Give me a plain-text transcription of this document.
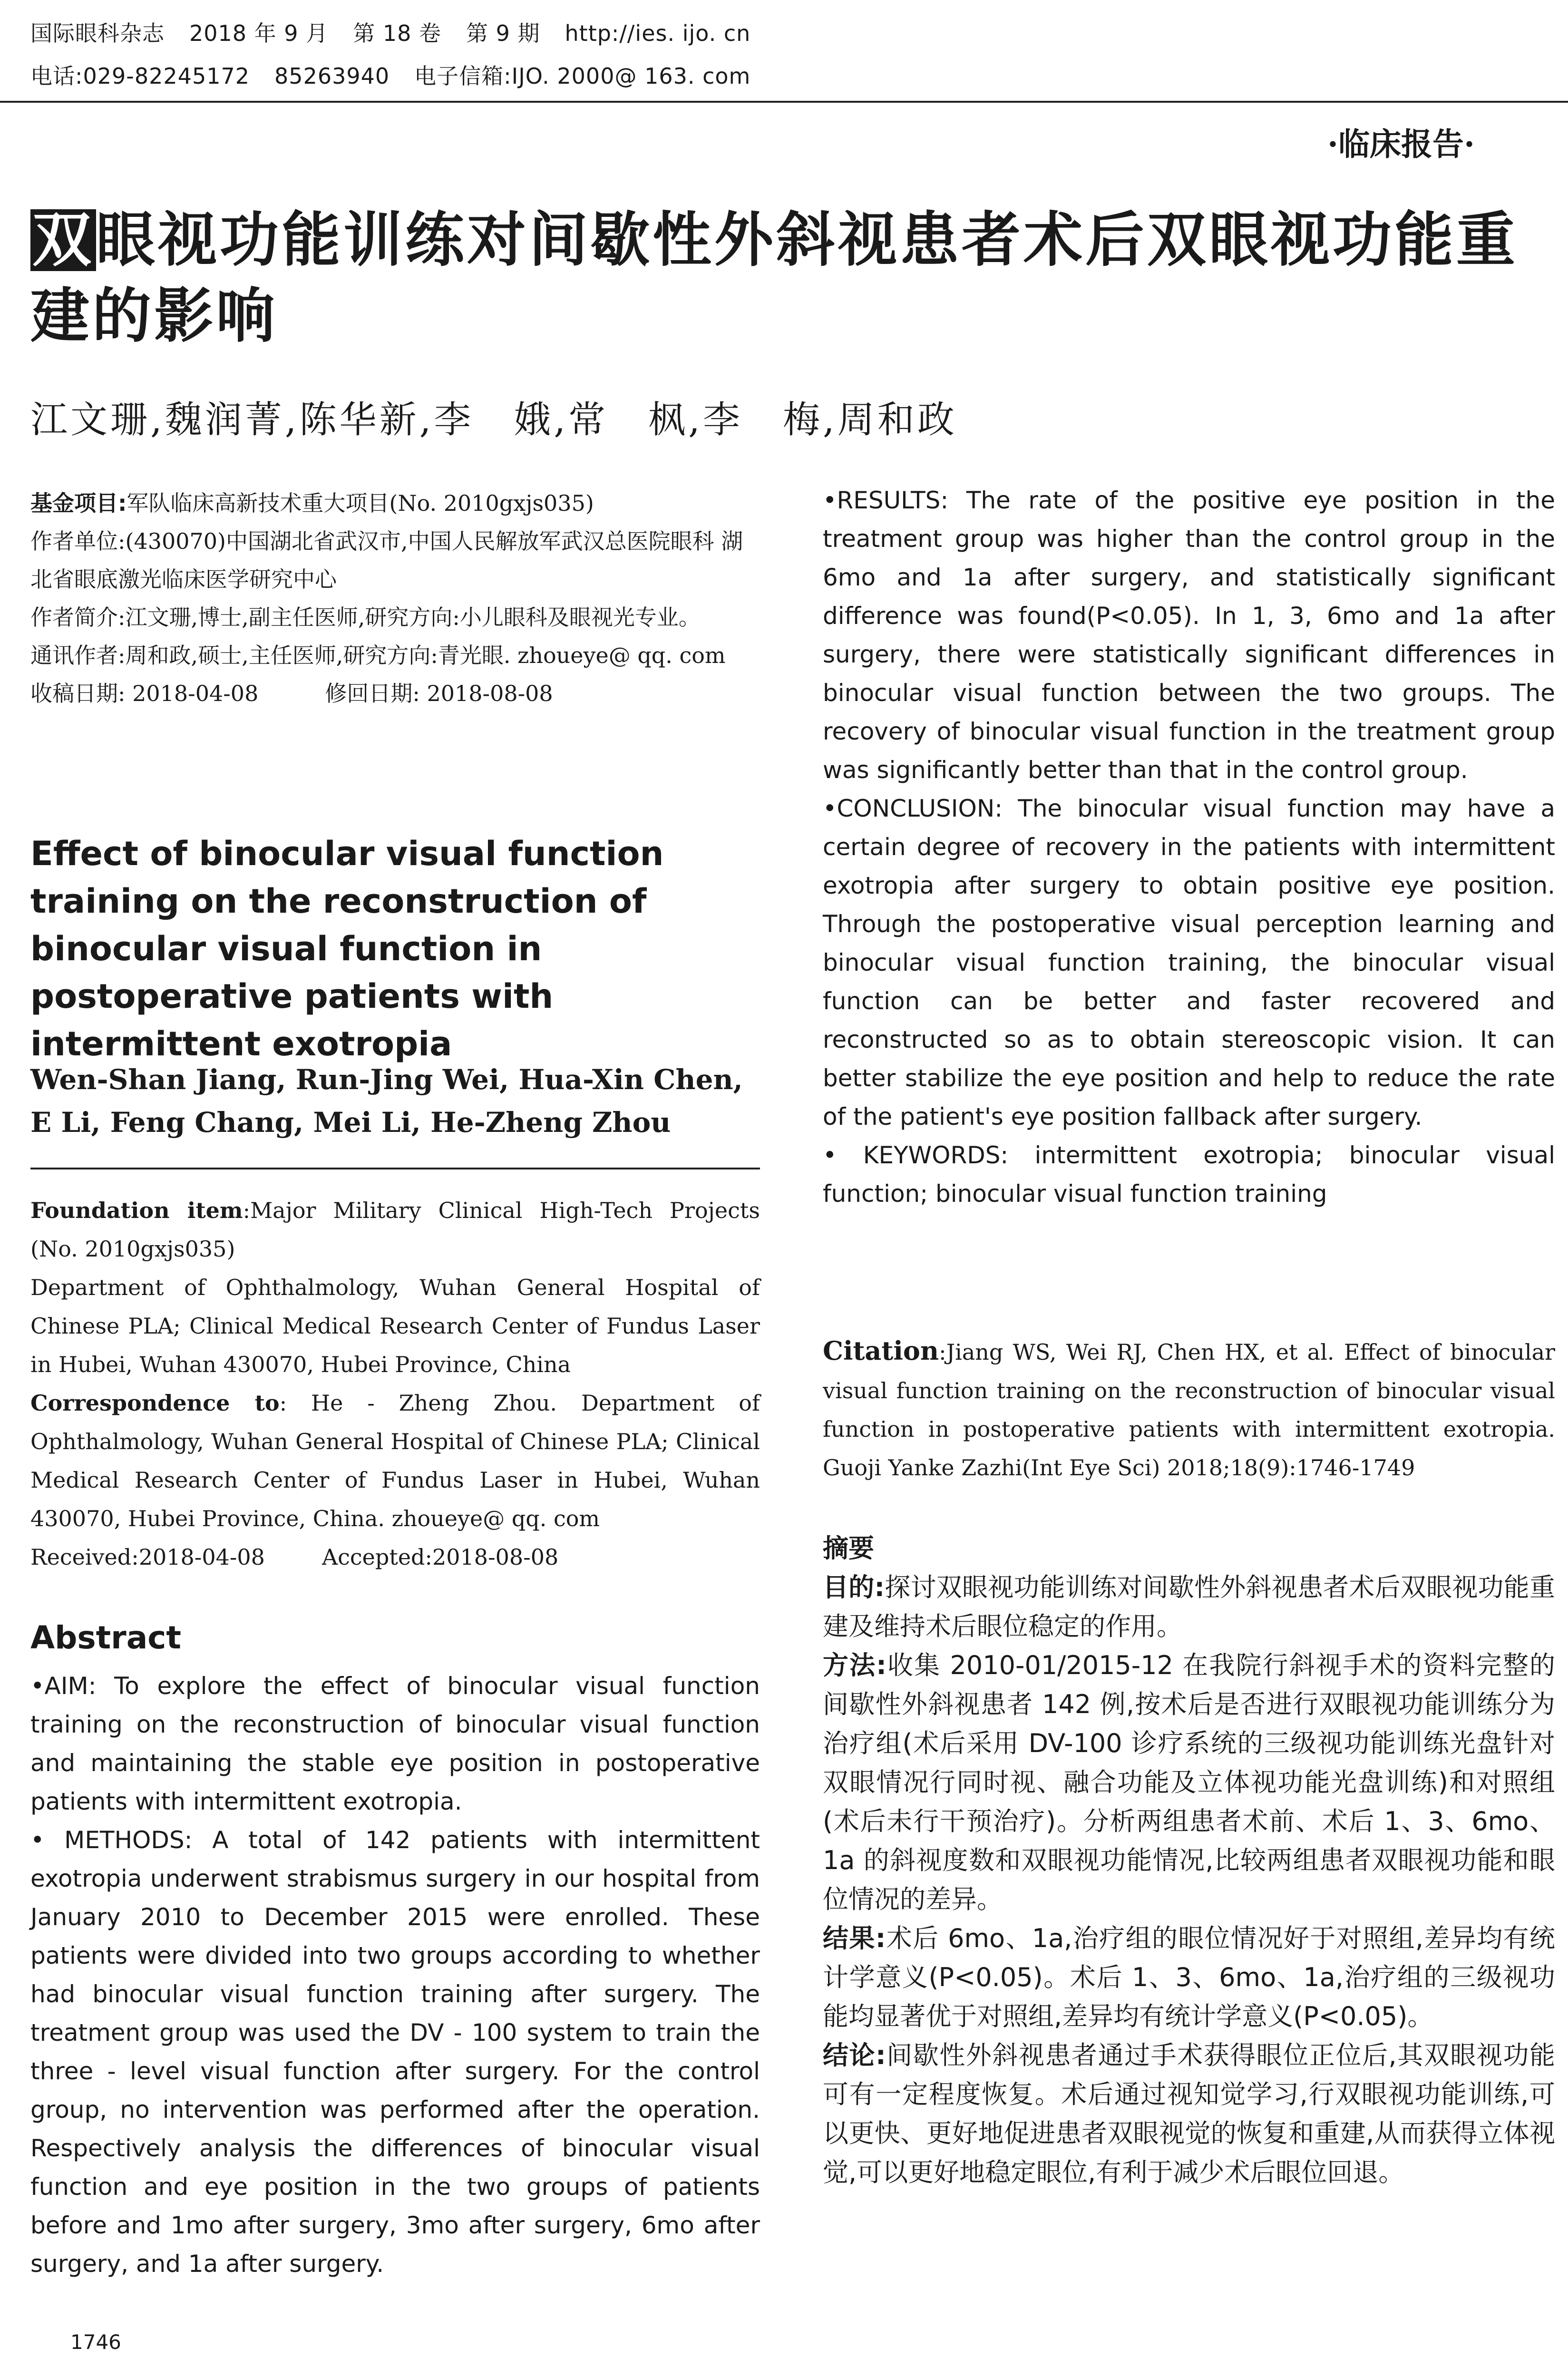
国际眼科杂志 2018 年 9 月 第 18 卷 第 9 期 http://ies. ijo. cn
电话:029-82245172 85263940 电子信箱:IJO. 2000@ 163. com
·临床报告·
双眼视功能训练对间歇性外斜视患者术后双眼视功能重建的影响
江文珊,魏润菁,陈华新,李　娥,常　枫,李　梅,周和政
基金项目:军队临床高新技术重大项目(No. 2010gxjs035)
作者单位:(430070)中国湖北省武汉市,中国人民解放军武汉总医院眼科 湖北省眼底激光临床医学研究中心
作者简介:江文珊,博士,副主任医师,研究方向:小儿眼科及眼视光专业。
通讯作者:周和政,硕士,主任医师,研究方向:青光眼. zhoueye@ qq. com
收稿日期: 2018-04-08	修回日期: 2018-08-08
Effect of binocular visual function training on the reconstruction of binocular visual function in postoperative patients with intermittent exotropia
Wen-Shan Jiang, Run-Jing Wei, Hua-Xin Chen, E Li, Feng Chang, Mei Li, He-Zheng Zhou
Foundation item:Major Military Clinical High-Tech Projects (No. 2010gxjs035)
Department of Ophthalmology, Wuhan General Hospital of Chinese PLA; Clinical Medical Research Center of Fundus Laser in Hubei, Wuhan 430070, Hubei Province, China
Correspondence to: He - Zheng Zhou. Department of Ophthalmology, Wuhan General Hospital of Chinese PLA; Clinical Medical Research Center of Fundus Laser in Hubei, Wuhan 430070, Hubei Province, China. zhoueye@ qq. com
Received:2018-04-08	Accepted:2018-08-08
Abstract
•AIM: To explore the effect of binocular visual function training on the reconstruction of binocular visual function and maintaining the stable eye position in postoperative patients with intermittent exotropia.
• METHODS: A total of 142 patients with intermittent exotropia underwent strabismus surgery in our hospital from January 2010 to December 2015 were enrolled. These patients were divided into two groups according to whether had binocular visual function training after surgery. The treatment group was used the DV - 100 system to train the three - level visual function after surgery. For the control group, no intervention was performed after the operation. Respectively analysis the differences of binocular visual function and eye position in the two groups of patients before and 1mo after surgery, 3mo after surgery, 6mo after surgery, and 1a after surgery.
•RESULTS: The rate of the positive eye position in the treatment group was higher than the control group in the 6mo and 1a after surgery, and statistically significant difference was found(P<0.05). In 1, 3, 6mo and 1a after surgery, there were statistically significant differences in binocular visual function between the two groups. The recovery of binocular visual function in the treatment group was significantly better than that in the control group.
•CONCLUSION: The binocular visual function may have a certain degree of recovery in the patients with intermittent exotropia after surgery to obtain positive eye position. Through the postoperative visual perception learning and binocular visual function training, the binocular visual function can be better and faster recovered and reconstructed so as to obtain stereoscopic vision. It can better stabilize the eye position and help to reduce the rate of the patient's eye position fallback after surgery.
• KEYWORDS: intermittent exotropia; binocular visual function; binocular visual function training
Citation:Jiang WS, Wei RJ, Chen HX, et al. Effect of binocular visual function training on the reconstruction of binocular visual function in postoperative patients with intermittent exotropia. Guoji Yanke Zazhi(Int Eye Sci) 2018;18(9):1746-1749
摘要
目的:探讨双眼视功能训练对间歇性外斜视患者术后双眼视功能重建及维持术后眼位稳定的作用。
方法:收集 2010-01/2015-12 在我院行斜视手术的资料完整的间歇性外斜视患者 142 例,按术后是否进行双眼视功能训练分为治疗组(术后采用 DV-100 诊疗系统的三级视功能训练光盘针对双眼情况行同时视、融合功能及立体视功能光盘训练)和对照组(术后未行干预治疗)。分析两组患者术前、术后 1、3、6mo、1a 的斜视度数和双眼视功能情况,比较两组患者双眼视功能和眼位情况的差异。
结果:术后 6mo、1a,治疗组的眼位情况好于对照组,差异均有统计学意义(P<0.05)。术后 1、3、6mo、1a,治疗组的三级视功能均显著优于对照组,差异均有统计学意义(P<0.05)。
结论:间歇性外斜视患者通过手术获得眼位正位后,其双眼视功能可有一定程度恢复。术后通过视知觉学习,行双眼视功能训练,可以更快、更好地促进患者双眼视觉的恢复和重建,从而获得立体视觉,可以更好地稳定眼位,有利于减少术后眼位回退。
1746
